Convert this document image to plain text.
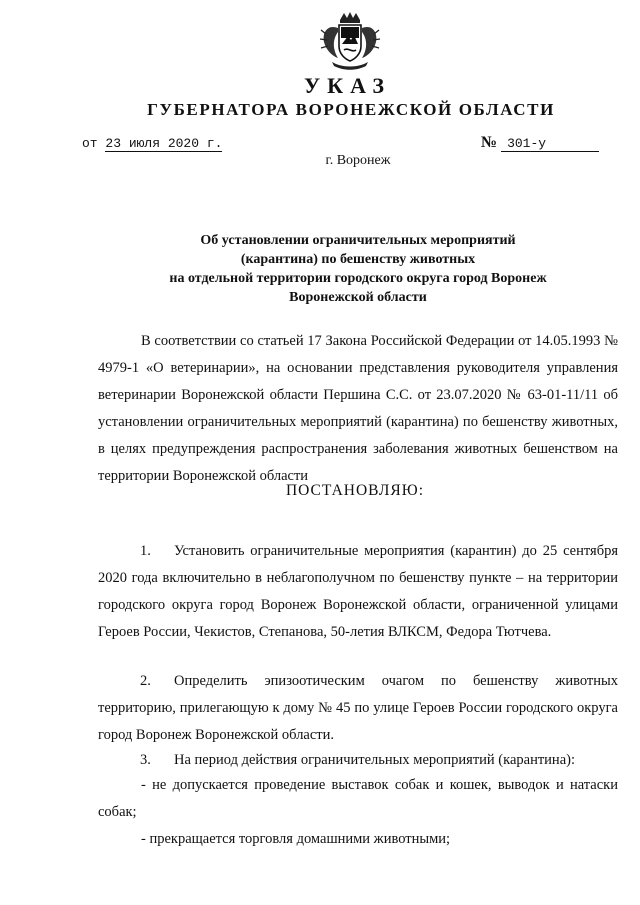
УКАЗ
ГУБЕРНАТОРА ВОРОНЕЖСКОЙ ОБЛАСТИ
от 23 июля 2020 г.	№ 301-у
г. Воронеж
Об установлении ограничительных мероприятий
(карантина) по бешенству животных
на отдельной территории городского округа город Воронеж
Воронежской области
В соответствии со статьей 17 Закона Российской Федерации от 14.05.1993 № 4979-1 «О ветеринарии», на основании представления руководителя управления ветеринарии Воронежской области Першина С.С. от 23.07.2020 № 63-01-11/11 об установлении ограничительных мероприятий (карантина) по бешенству животных, в целях предупреждения распространения заболевания животных бешенством на территории Воронежской области
ПОСТАНОВЛЯЮ:
1. Установить ограничительные мероприятия (карантин) до 25 сентября 2020 года включительно в неблагополучном по бешенству пункте – на территории городского округа город Воронеж Воронежской области, ограниченной улицами Героев России, Чекистов, Степанова, 50-летия ВЛКСМ, Федора Тютчева.
2. Определить эпизоотическим очагом по бешенству животных территорию, прилегающую к дому № 45 по улице Героев России городского округа город Воронеж Воронежской области.
3. На период действия ограничительных мероприятий (карантина):
- не допускается проведение выставок собак и кошек, выводок и натаски собак;
- прекращается торговля домашними животными;
